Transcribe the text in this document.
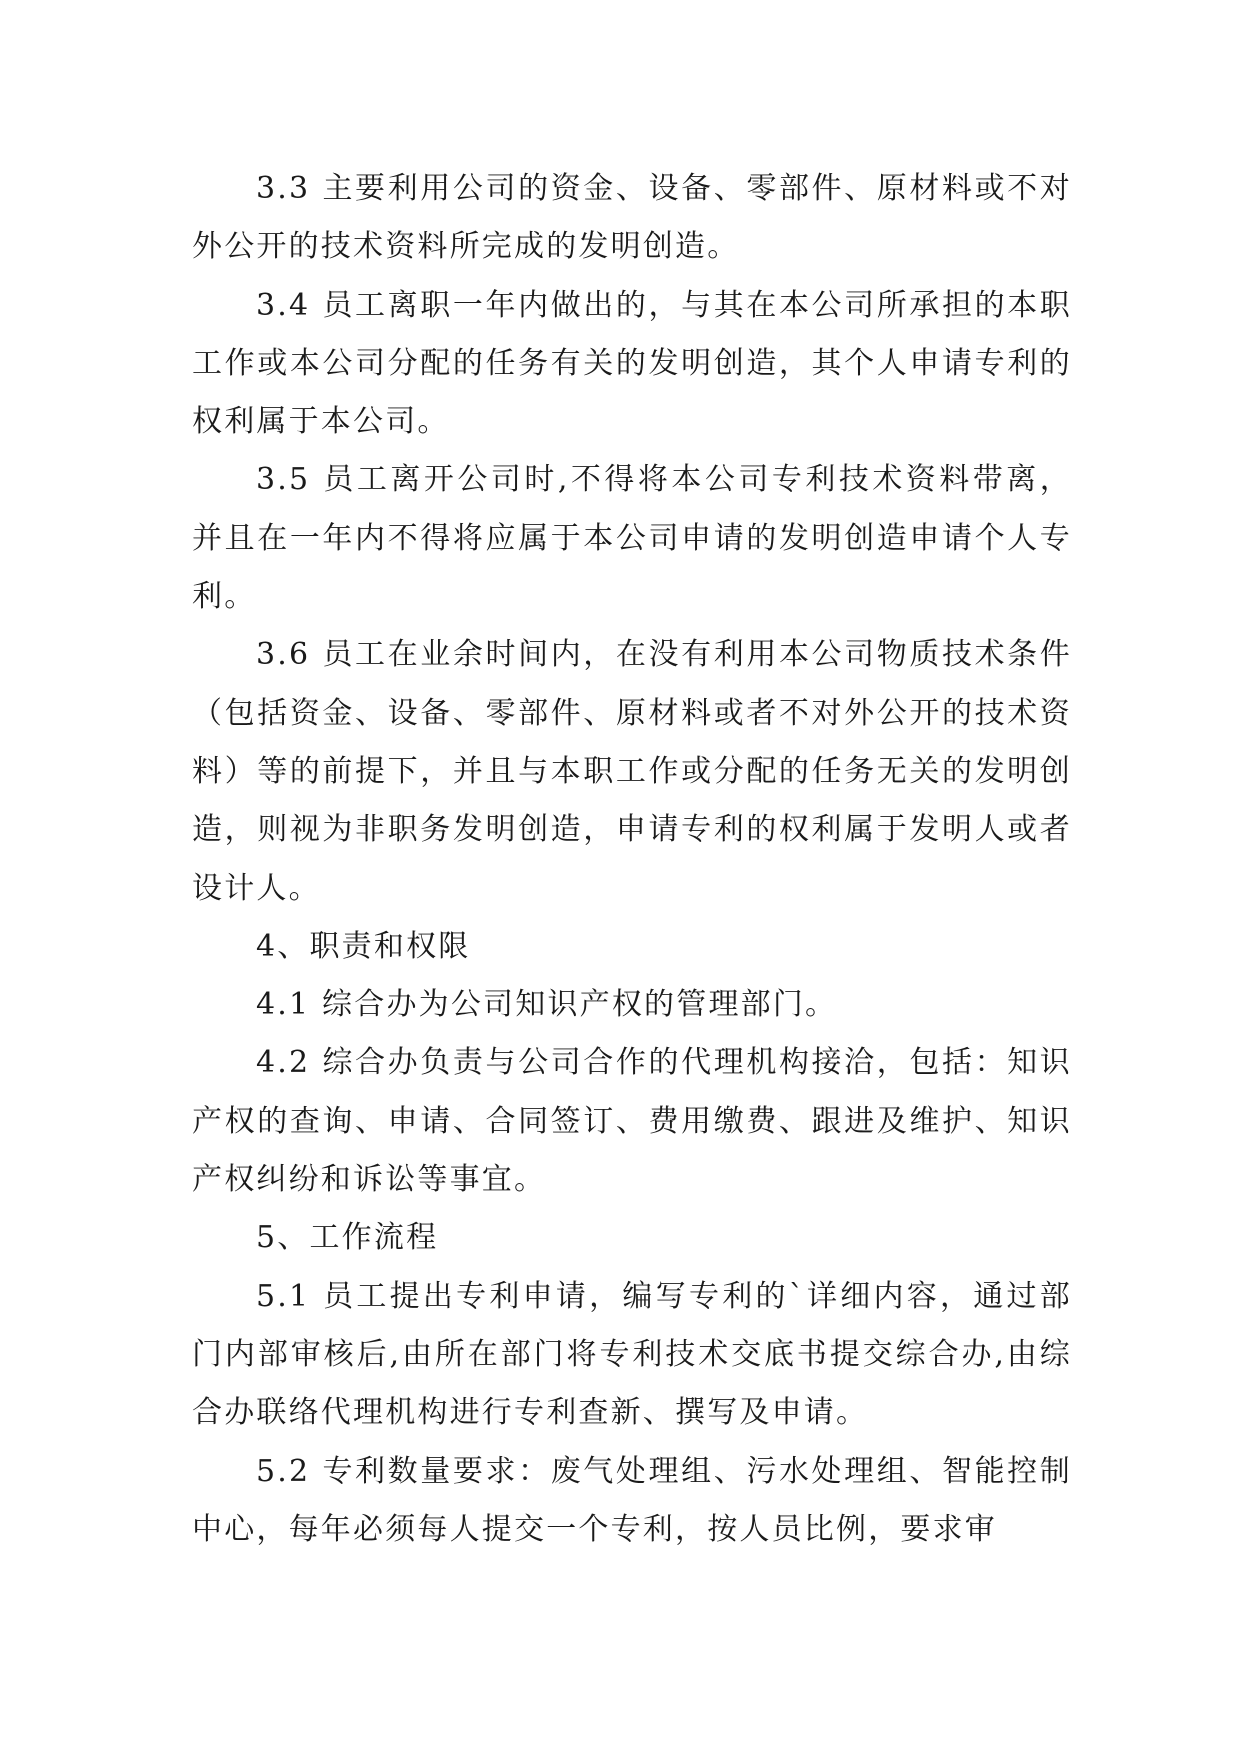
3.3 主要利用公司的资金、设备、零部件、原材料或不对外公开的技术资料所完成的发明创造。

3.4 员工离职一年内做出的，与其在本公司所承担的本职工作或本公司分配的任务有关的发明创造，其个人申请专利的权利属于本公司。

3.5 员工离开公司时,不得将本公司专利技术资料带离，并且在一年内不得将应属于本公司申请的发明创造申请个人专利。

3.6 员工在业余时间内，在没有利用本公司物质技术条件（包括资金、设备、零部件、原材料或者不对外公开的技术资料）等的前提下，并且与本职工作或分配的任务无关的发明创造，则视为非职务发明创造，申请专利的权利属于发明人或者设计人。

4、职责和权限

4.1 综合办为公司知识产权的管理部门。

4.2 综合办负责与公司合作的代理机构接洽，包括：知识产权的查询、申请、合同签订、费用缴费、跟进及维护、知识产权纠纷和诉讼等事宜。

5、工作流程

5.1 员工提出专利申请，编写专利的`详细内容，通过部门内部审核后,由所在部门将专利技术交底书提交综合办,由综合办联络代理机构进行专利查新、撰写及申请。

5.2 专利数量要求：废气处理组、污水处理组、智能控制中心，每年必须每人提交一个专利，按人员比例，要求审
